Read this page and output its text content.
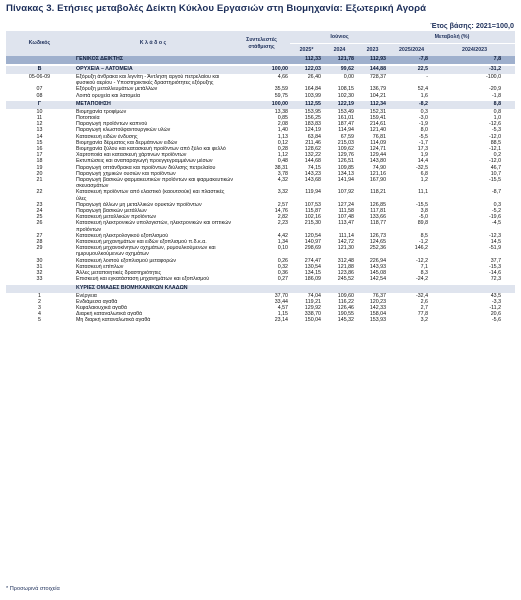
Πίνακας 3. Ετήσιες μεταβολές Δείκτη Κύκλου Εργασιών στη Βιομηχανία: Εξωτερική Αγορά
Έτος βάσης: 2021=100,0
Κωδικός	Κ λ ά δ ο ς	Συντελεστές στάθμισης	Ιούνιος			Μεταβολή (%)	
			2025*	2024	2023	2025/2024	2024/2023
	ΓΕΝΙΚΟΣ ΔΕΙΚΤΗΣ		112,33	121,78	112,93	-7,8	7,8

B	ΟΡΥΧΕΙΑ – ΛΑΤΟΜΕΙΑ	100,00	122,03	99,62	144,88	22,5	-31,2
05-06-09	Εξόρυξη άνθρακα και λιγνίτη - Άντληση αργού πετρελαίου και φυσικού αερίου - Υποστηρικτικές δραστηριότητες εξόρυξης	4,66	26,40	0,00	728,37	-	-100,0
07	Εξόρυξη μεταλλευμάτων μετάλλων	35,59	164,84	108,15	136,79	52,4	-20,9
08	Λοιπά ορυχεία και λατομεία	59,75	103,99	102,30	104,21	1,6	-1,8

Γ	ΜΕΤΑΠΟΙΗΣΗ	100,00	112,55	122,19	112,34	-8,2	8,8
10	Βιομηχανία τροφίμων	13,38	153,95	153,49	152,31	0,3	0,8
11	Ποτοποιία	0,85	156,25	161,01	159,41	-3,0	1,0
12	Παραγωγή προϊόντων καπνού	2,08	183,83	187,47	214,61	-1,9	-12,6
13	Παραγωγή κλωστοϋφαντουργικών υλών	1,40	124,19	114,94	121,40	8,0	-5,3
14	Κατασκευή ειδών ένδυσης	1,13	63,84	67,59	76,81	-5,5	-12,0
15	Βιομηχανία δέρματος και δερμάτινων ειδών	0,12	211,46	215,03	114,09	-1,7	88,5
16	Βιομηχανία ξύλου και κατασκευή προϊόντων από ξύλο και φελλό	0,28	128,62	109,62	124,71	17,3	-12,1
17	Χαρτοποιία και κατασκευή χάρτινων προϊόντων	1,12	132,22	129,76	129,44	1,9	0,2
18	Εκτυπώσεις και αναπαραγωγή προεγγεγραμμένων μέσων	0,48	144,68	126,51	143,80	14,4	-12,0
19	Παραγωγή οπτάνθρακα και προϊόντων διύλισης πετρελαίου	38,31	74,15	109,85	74,90	-32,5	46,7
20	Παραγωγή χημικών ουσιών και προϊόντων	3,78	143,23	134,13	121,16	6,8	10,7
21	Παραγωγή βασικών φαρμακευτικών προϊόντων και φαρμακευτικών σκευασμάτων	4,32	143,68	141,94	167,90	1,2	-15,5
22	Κατασκευή προϊόντων από ελαστικό (καουτσούκ) και πλαστικές ύλες	3,32	119,94	107,92	118,21	11,1	-8,7
23	Παραγωγή άλλων μη μεταλλικών ορυκτών προϊόντων	2,57	107,53	127,24	126,85	-15,5	0,3
24	Παραγωγή βασικών μετάλλων	14,76	115,87	111,58	117,81	3,8	-5,2
25	Κατασκευή μεταλλικών προϊόντων	2,82	102,16	107,48	133,66	-5,0	-19,6
26	Κατασκευή ηλεκτρονικών υπολογιστών, ηλεκτρονικών και οπτικών προϊόντων	2,23	215,30	113,47	118,77	89,8	-4,5
27	Κατασκευή ηλεκτρολογικού εξοπλισμού	4,42	120,54	111,14	126,73	8,5	-12,3
28	Κατασκευή μηχανημάτων και ειδών εξοπλισμού π.δ.κ.α.	1,34	140,97	142,72	124,65	-1,2	14,5
29	Κατασκευή μηχανοκίνητων οχημάτων, ρυμουλκούμενων και ημιρυμουλκούμενων οχημάτων	0,10	298,69	121,30	252,36	146,2	-51,9
30	Κατασκευή λοιπού εξοπλισμού μεταφορών	0,26	274,47	312,48	226,94	-12,2	37,7
31	Κατασκευή επίπλων	0,32	130,54	121,88	143,93	7,1	-15,3
32	Άλλες μεταποιητικές δραστηριότητες	0,36	134,15	123,86	145,08	8,3	-14,6
33	Επισκευή και εγκατάσταση μηχανημάτων και εξοπλισμού	0,27	186,09	245,52	142,54	-24,2	72,3

	ΚΥΡΙΕΣ ΟΜΑΔΕΣ ΒΙΟΜΗΧΑΝΙΚΩΝ ΚΛΑΔΩΝ						
1	Ενέργεια	37,70	74,04	109,60	76,37	-32,4	43,5
2	Ενδιάμεσα αγαθά	33,44	119,21	116,22	120,23	2,6	-3,3
3	Κεφαλαιουχικά αγαθά	4,57	129,92	126,46	142,33	2,7	-11,2
4	Διαρκή καταναλωτικά αγαθά	1,15	338,70	190,55	158,04	77,8	20,6
5	Μη διαρκή καταναλωτικά αγαθά	23,14	150,04	145,32	153,93	3,2	-5,6
* Προσωρινά στοιχεία
